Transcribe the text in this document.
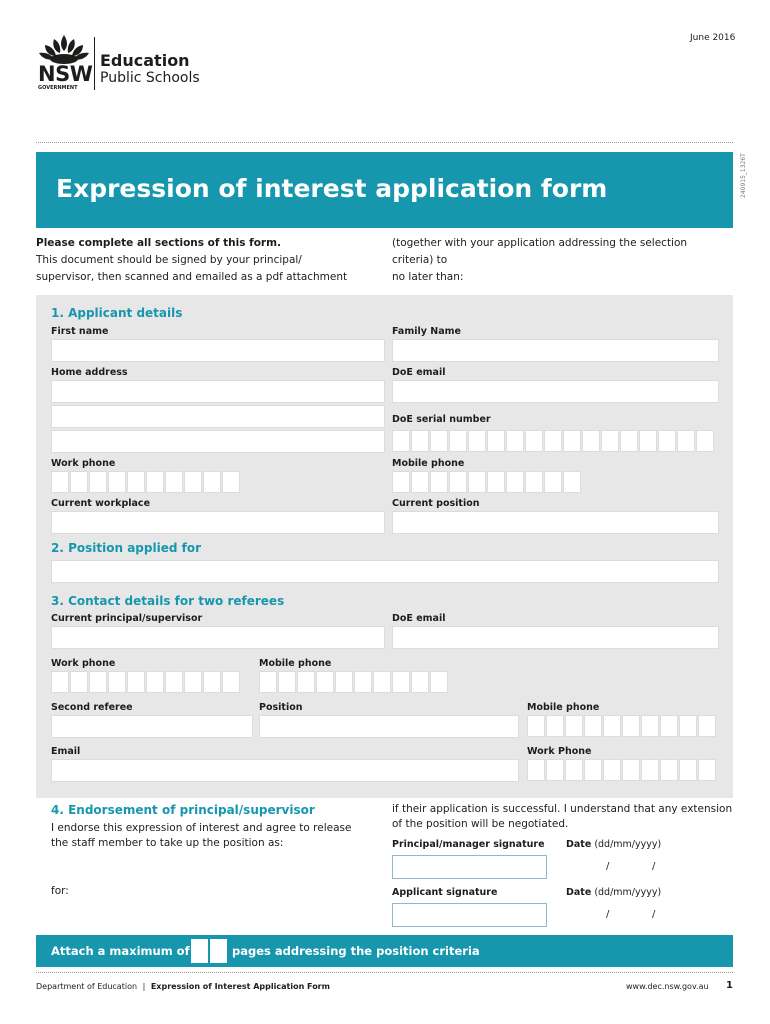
June 2016
NSW
GOVERNMENT
Education
Public Schools
240915_1326T
Expression of interest application form
Please complete all sections of this form.
This document should be signed by your principal/
supervisor, then scanned and emailed as a pdf attachment
(together with your application addressing the selection
criteria) to
no later than:
1. Applicant details
First name	Family Name
Home address	DoE email
DoE serial number
Work phone	Mobile phone
Current workplace	Current position
2. Position applied for
3. Contact details for two referees
Current principal/supervisor	DoE email
Work phone	Mobile phone
Second referee	Position	Mobile phone
Email	Work Phone
4. Endorsement of principal/supervisor
I endorse this expression of interest and agree to release
the staff member to take up the position as:
for:
if their application is successful. I understand that any extension
of the position will be negotiated.
Principal/manager signature Date (dd/mm/yyyy)
/	/
Applicant signature	Date (dd/mm/yyyy)
/	/
Attach a maximum of	pages addressing the position criteria
Department of Education | Expression of Interest Application Form	www.dec.nsw.gov.au 1
